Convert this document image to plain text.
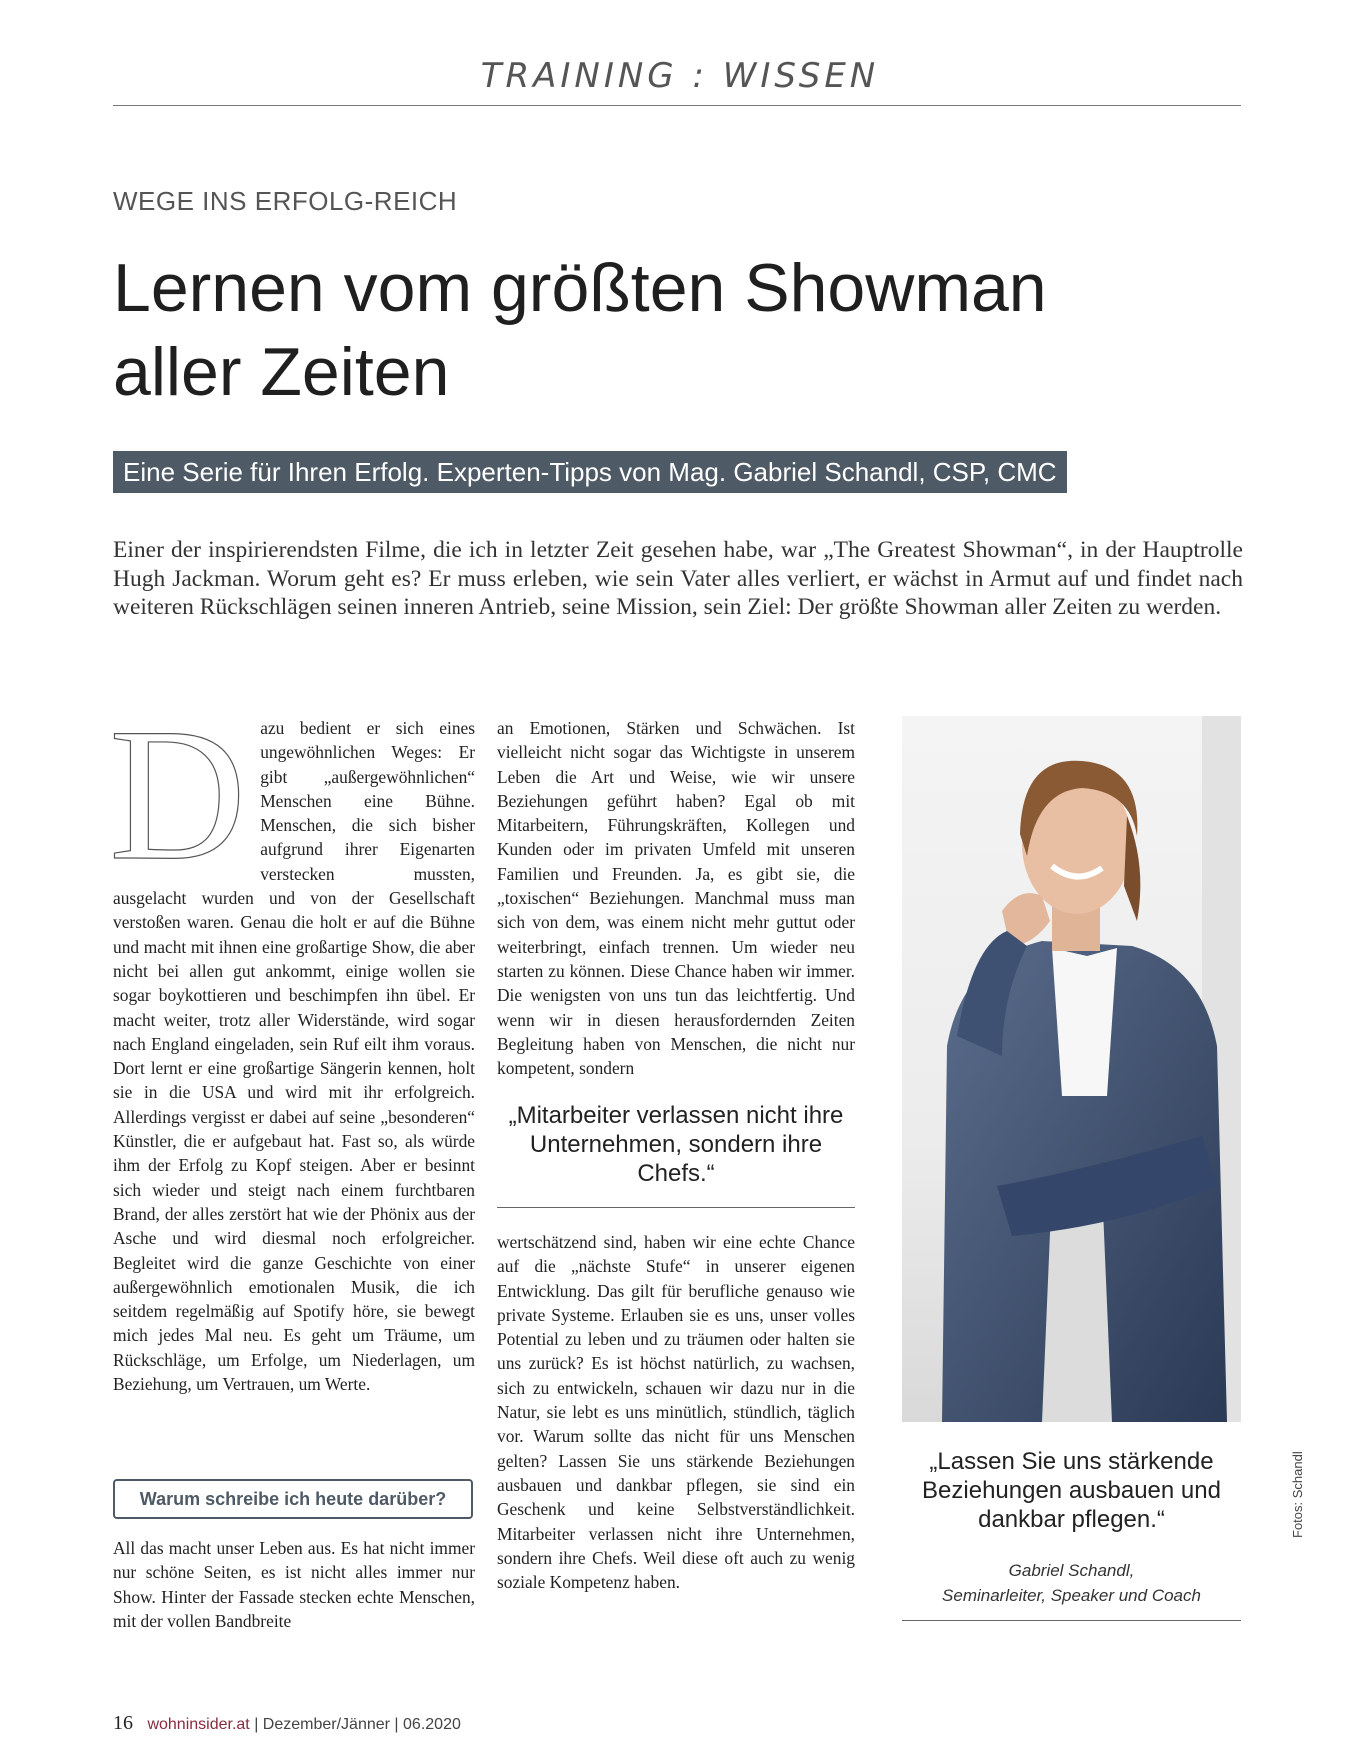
TRAINING : WISSEN
WEGE INS ERFOLG-REICH
Lernen vom größten Showman
aller Zeiten
Eine Serie für Ihren Erfolg. Experten-Tipps von Mag. Gabriel Schandl, CSP, CMC

Einer der inspirierendsten Filme, die ich in letzter Zeit gesehen habe, war „The Greatest Showman“, in der Hauptrolle Hugh Jackman. Worum geht es? Er muss erleben, wie sein Vater alles verliert, er wächst in Armut auf und findet nach weiteren Rückschlägen seinen inneren Antrieb, seine Mission, sein Ziel: Der größte Showman aller Zeiten zu werden.

Dazu bedient er sich eines ungewöhnlichen Weges: Er gibt „außergewöhnlichen“ Menschen eine Bühne. Menschen, die sich bisher aufgrund ihrer Eigenarten verstecken mussten, ausgelacht wurden und von der Gesellschaft verstoßen waren. Genau die holt er auf die Bühne und macht mit ihnen eine großartige Show, die aber nicht bei allen gut ankommt, einige wollen sie sogar boykottieren und beschimpfen ihn übel. Er macht weiter, trotz aller Widerstände, wird sogar nach England eingeladen, sein Ruf eilt ihm voraus. Dort lernt er eine großartige Sängerin kennen, holt sie in die USA und wird mit ihr erfolgreich. Allerdings vergisst er dabei auf seine „besonderen“ Künstler, die er aufgebaut hat. Fast so, als würde ihm der Erfolg zu Kopf steigen. Aber er besinnt sich wieder und steigt nach einem furchtbaren Brand, der alles zerstört hat wie der Phönix aus der Asche und wird diesmal noch erfolgreicher. Begleitet wird die ganze Geschichte von einer außergewöhnlich emotionalen Musik, die ich seitdem regelmäßig auf Spotify höre, sie bewegt mich jedes Mal neu. Es geht um Träume, um Rückschläge, um Erfolge, um Niederlagen, um Beziehung, um Vertrauen, um Werte.

Warum schreibe ich heute darüber?

All das macht unser Leben aus. Es hat nicht immer nur schöne Seiten, es ist nicht alles immer nur Show. Hinter der Fassade stecken echte Menschen, mit der vollen Bandbreite

an Emotionen, Stärken und Schwächen. Ist vielleicht nicht sogar das Wichtigste in unserem Leben die Art und Weise, wie wir unsere Beziehungen geführt haben? Egal ob mit Mitarbeitern, Führungskräften, Kollegen und Kunden oder im privaten Umfeld mit unseren Familien und Freunden. Ja, es gibt sie, die „toxischen“ Beziehungen. Manchmal muss man sich von dem, was einem nicht mehr guttut oder weiterbringt, einfach trennen. Um wieder neu starten zu können. Diese Chance haben wir immer. Die wenigsten von uns tun das leichtfertig. Und wenn wir in diesen herausfordernden Zeiten Begleitung haben von Menschen, die nicht nur kompetent, sondern

„Mitarbeiter verlassen nicht ihre Unternehmen, sondern ihre Chefs.“

wertschätzend sind, haben wir eine echte Chance auf die „nächste Stufe“ in unserer eigenen Entwicklung. Das gilt für berufliche genauso wie private Systeme. Erlauben sie es uns, unser volles Potential zu leben und zu träumen oder halten sie uns zurück? Es ist höchst natürlich, zu wachsen, sich zu entwickeln, schauen wir dazu nur in die Natur, sie lebt es uns minütlich, stündlich, täglich vor. Warum sollte das nicht für uns Menschen gelten? Lassen Sie uns stärkende Beziehungen ausbauen und dankbar pflegen, sie sind ein Geschenk und keine Selbstverständlichkeit. Mitarbeiter verlassen nicht ihre Unternehmen, sondern ihre Chefs. Weil diese oft auch zu wenig soziale Kompetenz haben.

„Lassen Sie uns stärkende Beziehungen ausbauen und dankbar pflegen.“
Gabriel Schandl,
Seminarleiter, Speaker und Coach
Fotos: Schandl
16 wohninsider.at | Dezember/Jänner | 06.2020
